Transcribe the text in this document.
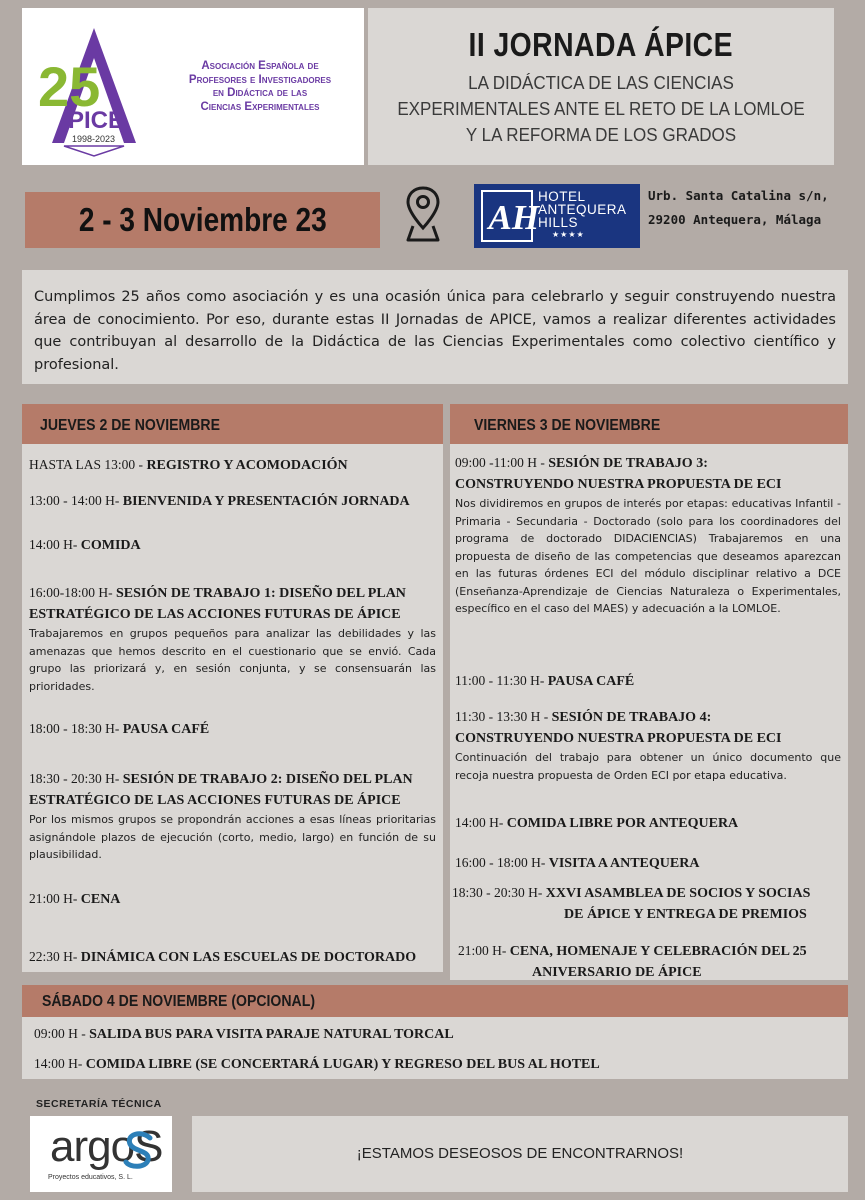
25
PICE
1998-2023
Asociación Española de
Profesores e Investigadores
en Didáctica de las
Ciencias Experimentales
II JORNADA ÁPICE
LA DIDÁCTICA DE LAS CIENCIAS
EXPERIMENTALES ANTE EL RETO DE LA LOMLOE
Y LA REFORMA DE LOS GRADOS
2 - 3 Noviembre 23	AH
HOTEL
ANTEQUERA
HILLS
★★★★
Urb. Santa Catalina s/n,
29200 Antequera, Málaga
Cumplimos 25 años como asociación y es una ocasión única para celebrarlo y seguir construyendo nuestra área de conocimiento. Por eso, durante estas II Jornadas de APICE, vamos a realizar diferentes actividades que contribuyan al desarrollo de la Didáctica de las Ciencias Experimentales como colectivo científico y profesional.
JUEVES 2 DE NOVIEMBRE
HASTA LAS 13:00 - REGISTRO Y ACOMODACIÓN
13:00 - 14:00 H- BIENVENIDA Y PRESENTACIÓN JORNADA
14:00 H- COMIDA
16:00-18:00 H- SESIÓN DE TRABAJO 1: DISEÑO DEL PLAN
ESTRATÉGICO DE LAS ACCIONES FUTURAS DE ÁPICE
Trabajaremos en grupos pequeños para analizar las debilidades y las amenazas que hemos descrito en el cuestionario que se envió. Cada grupo las priorizará y, en sesión conjunta, y se consensuarán las prioridades.
18:00 - 18:30 H- PAUSA CAFÉ
18:30 - 20:30 H- SESIÓN DE TRABAJO 2: DISEÑO DEL PLAN
ESTRATÉGICO DE LAS ACCIONES FUTURAS DE ÁPICE
Por los mismos grupos se propondrán acciones a esas líneas prioritarias asignándole plazos de ejecución (corto, medio, largo) en función de su plausibilidad.
21:00 H- CENA
22:30 H- DINÁMICA CON LAS ESCUELAS DE DOCTORADO
VIERNES 3 DE NOVIEMBRE
09:00 -11:00 H - SESIÓN DE TRABAJO 3:
CONSTRUYENDO NUESTRA PROPUESTA DE ECI
Nos dividiremos en grupos de interés por etapas: educativas Infantil - Primaria - Secundaria - Doctorado (solo para los coordinadores del programa de doctorado DIDACIENCIAS) Trabajaremos en una propuesta de diseño de las competencias que deseamos aparezcan en las futuras órdenes ECI del módulo disciplinar relativo a DCE (Enseñanza-Aprendizaje de Ciencias Naturaleza o Experimentales, específico en el caso del MAES) y adecuación a la LOMLOE.
11:00 - 11:30 H- PAUSA CAFÉ
11:30 - 13:30 H - SESIÓN DE TRABAJO 4:
CONSTRUYENDO NUESTRA PROPUESTA DE ECI
Continuación del trabajo para obtener un único documento que recoja nuestra propuesta de Orden ECI por etapa educativa.
14:00 H- COMIDA LIBRE POR ANTEQUERA
16:00 - 18:00 H- VISITA A ANTEQUERA
18:30 - 20:30 H- XXVI ASAMBLEA DE SOCIOS Y SOCIAS
DE ÁPICE Y ENTREGA DE PREMIOS
21:00 H- CENA, HOMENAJE Y CELEBRACIÓN DEL 25
ANIVERSARIO DE ÁPICE
SÁBADO 4 DE NOVIEMBRE (OPCIONAL)
09:00 H - SALIDA BUS PARA VISITA PARAJE NATURAL TORCAL
14:00 H- COMIDA LIBRE (SE CONCERTARÁ LUGAR) Y REGRESO DEL BUS AL HOTEL
SECRETARÍA TÉCNICA
argoS
Proyectos educativos, S. L.
¡ESTAMOS DESEOSOS DE ENCONTRARNOS!
